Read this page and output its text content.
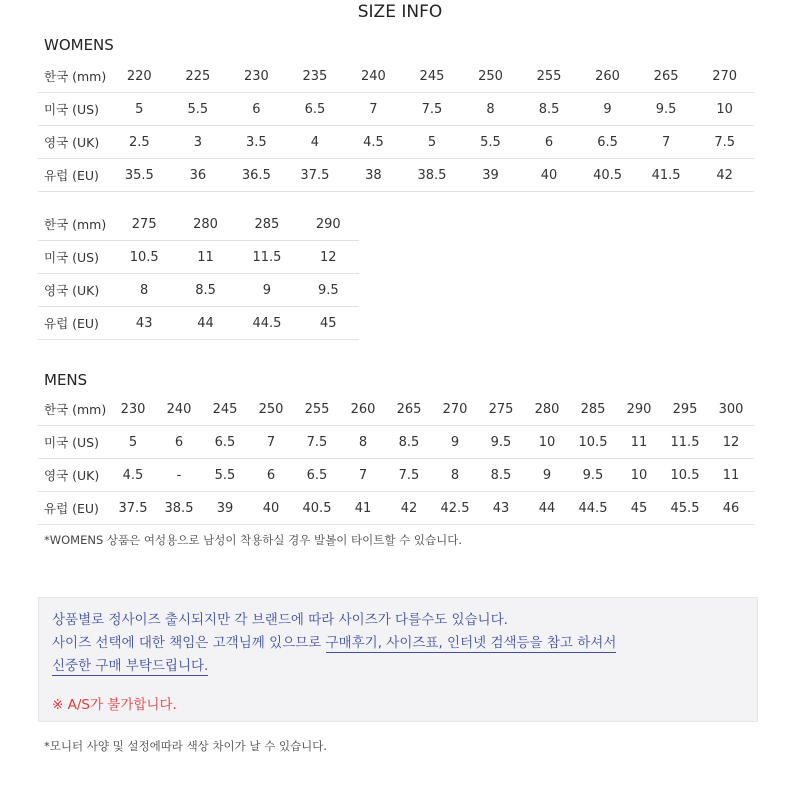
SIZE INFO
WOMENS
한국 (mm)	220	225	230	235	240	245	250	255	260	265	270
미국 (US)	5	5.5	6	6.5	7	7.5	8	8.5	9	9.5	10
영국 (UK)	2.5	3	3.5	4	4.5	5	5.5	6	6.5	7	7.5
유럽 (EU)	35.5	36	36.5	37.5	38	38.5	39	40	40.5	41.5	42
한국 (mm)	275	280	285	290
미국 (US)	10.5	11	11.5	12
영국 (UK)	8	8.5	9	9.5
유럽 (EU)	43	44	44.5	45
MENS
한국 (mm)	230	240	245	250	255	260	265	270	275	280	285	290	295	300
미국 (US)	5	6	6.5	7	7.5	8	8.5	9	9.5	10	10.5	11	11.5	12
영국 (UK)	4.5	-	5.5	6	6.5	7	7.5	8	8.5	9	9.5	10	10.5	11
유럽 (EU)	37.5	38.5	39	40	40.5	41	42	42.5	43	44	44.5	45	45.5	46
*WOMENS 상품은 여성용으로 남성이 착용하실 경우 발볼이 타이트할 수 있습니다.
상품별로 정사이즈 출시되지만 각 브랜드에 따라 사이즈가 다를수도 있습니다.
사이즈 선택에 대한 책임은 고객님께 있으므로 구매후기, 사이즈표, 인터넷 검색등을 참고 하셔서
신중한 구매 부탁드립니다.
※ A/S가 불가합니다.
*모니터 사양 및 설정에따라 색상 차이가 날 수 있습니다.
